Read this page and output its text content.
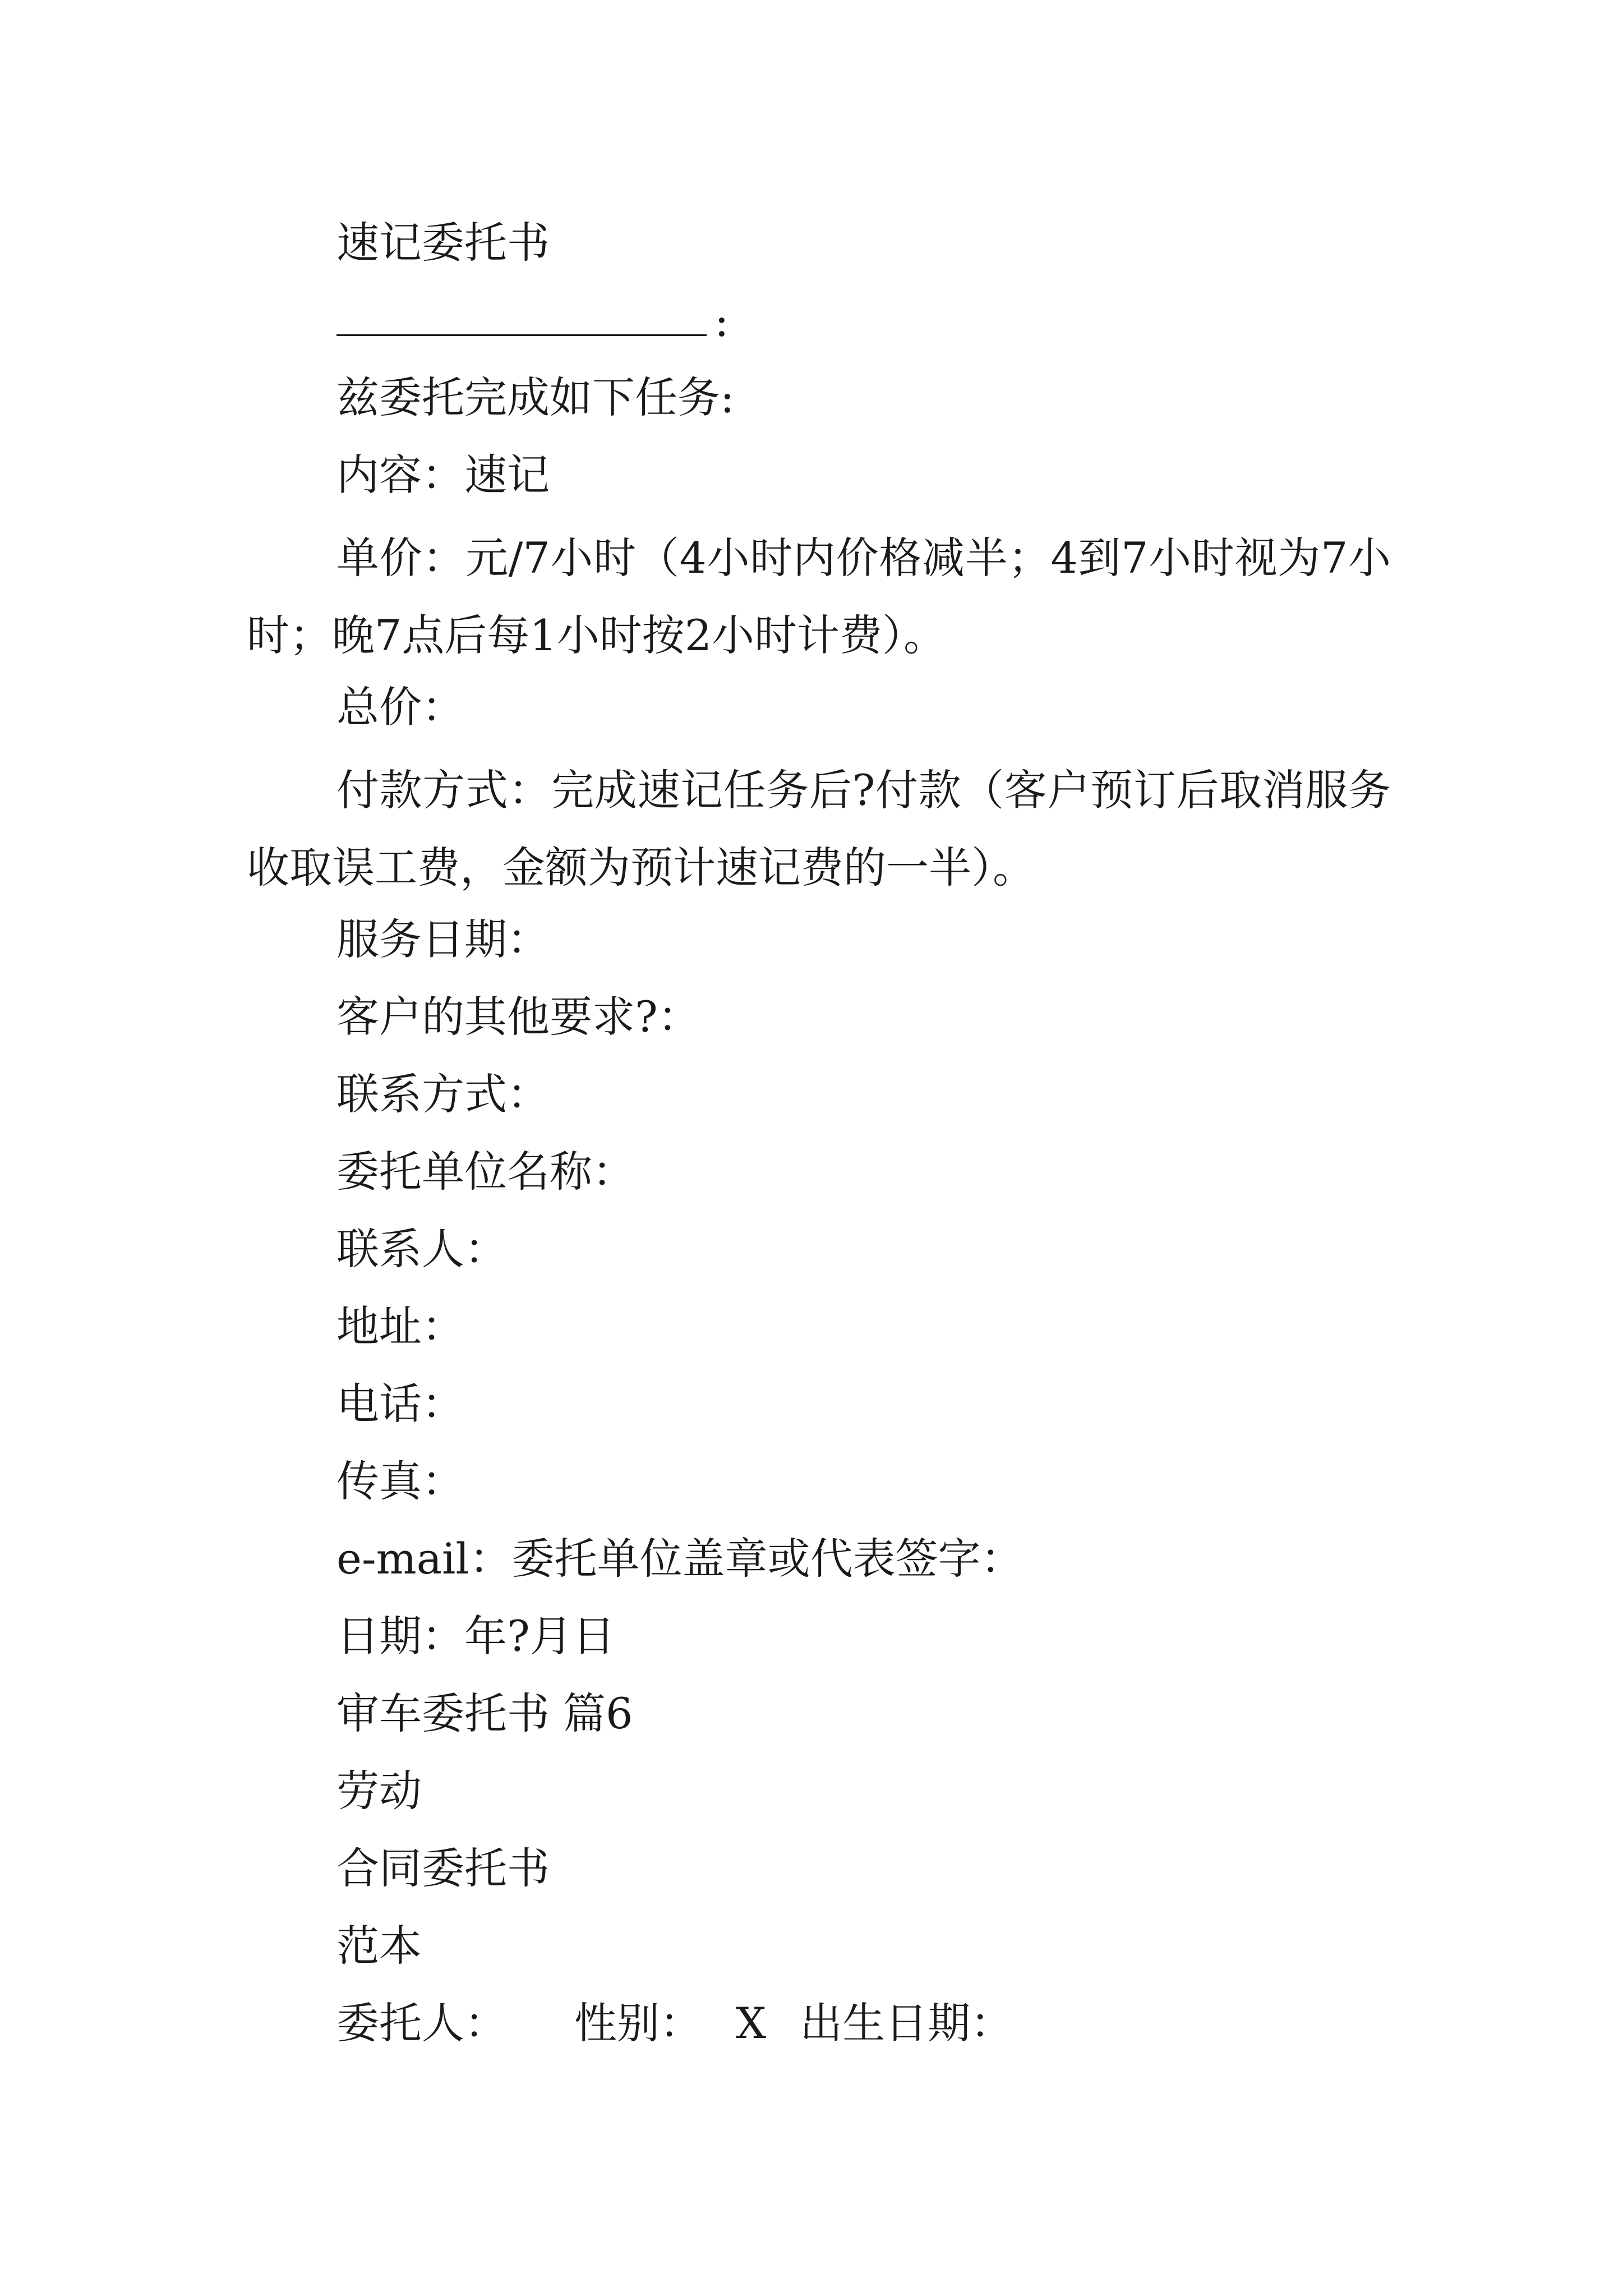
速记委托书
:
兹委托完成如下任务:
内容：速记
单价：元/7小时（4小时内价格减半；4到7小时视为7小时；晚7点后每1小时按2小时计费）。
总价：
付款方式：完成速记任务后?付款（客户预订后取消服务收取误工费，金额为预计速记费的一半）。
服务日期：
客户的其他要求?：
联系方式：
委托单位名称：
联系人：
地址：
电话：
传真：
e-mail：委托单位盖章或代表签字：
日期：年?月日
审车委托书 篇6
劳动
合同委托书
范本
委托人： 性别： X 出生日期：
